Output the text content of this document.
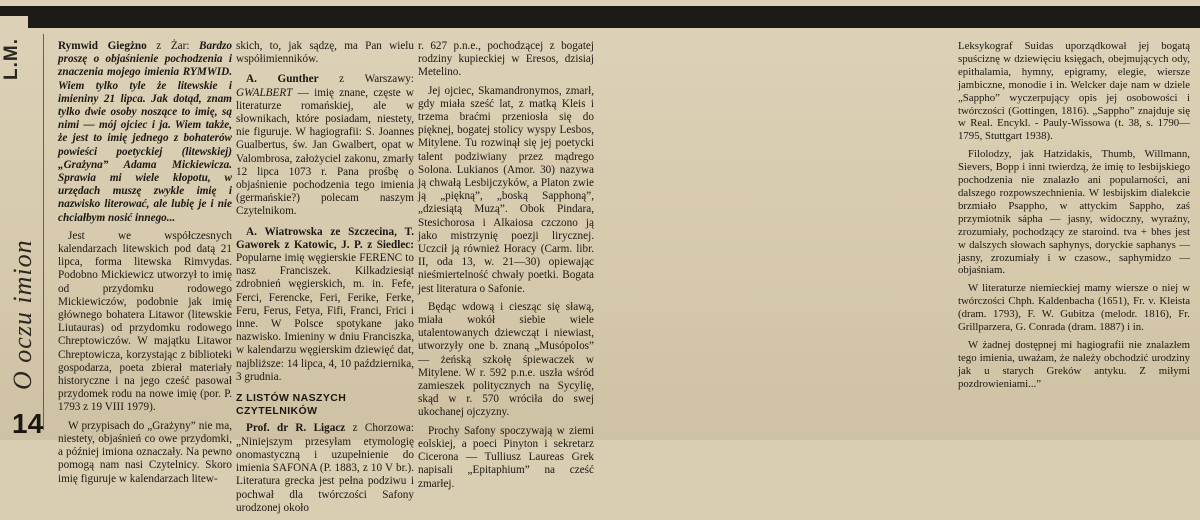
L.M.
O oczu imion
14

Rymwid Giegżno z Żar: Bardzo proszę o objaśnienie pochodzenia i znaczenia mojego imienia RYMWID. Wiem tylko tyle że litewskie i imieniny 21 lipca. Jak dotąd, znam tylko dwie osoby noszące to imię, są nimi — mój ojciec i ja. Wiem także, że jest to imię jednego z bohaterów powieści poetyckiej (litewskiej) „Grażyna” Adama Mickiewicza. Sprawia mi wiele kłopotu, w urzędach muszę zwykle imię i nazwisko literować, ale lubię je i nie chciałbym nosić innego...

Jest we współczesnych kalendarzach litewskich pod datą 21 lipca, forma litewska Rimvydas. Podobno Mickiewicz utworzył to imię od przydomku rodowego Mickiewiczów, podobnie jak imię głównego bohatera Litawor (litewskie Liutauras) od przydomku rodowego Chreptowiczów. W majątku Litawor Chreptowicza, korzystając z biblioteki gospodarza, poeta zbierał materiały historyczne i na jego cześć pasował przydomek rodu na nowe imię (por. P. 1793 z 19 VIII 1979).

W przypisach do „Grażyny” nie ma, niestety, objaśnień co owe przydomki, a później imiona oznaczały. Na pewno pomogą nam nasi Czytelnicy. Skoro imię figuruje w kalendarzach litew-

skich, to, jak sądzę, ma Pan wielu współimienników.

A. Gunther z Warszawy: GWALBERT — imię znane, częste w literaturze romańskiej, ale w słownikach, które posiadam, niestety, nie figuruje. W hagiografii: S. Joannes Gualbertus, św. Jan Gwalbert, opat w Valombrosa, założyciel zakonu, zmarły 12 lipca 1073 r. Pana prośbę o objaśnienie pochodzenia tego imienia (germańskie?) polecam naszym Czytelnikom.

A. Wiatrowska ze Szczecina, T. Gaworek z Katowic, J. P. z Siedlec: Popularne imię węgierskie FERENC to nasz Franciszek. Kilkadziesiąt zdrobnień węgierskich, m. in. Fefe, Ferci, Ferencke, Feri, Ferike, Ferke, Feru, Ferus, Fetya, Fifi, Franci, Frici i inne. W Polsce spotykane jako nazwisko. Imieniny w dniu Franciszka, w kalendarzu węgierskim dziewięć dat, najbliższe: 14 lipca, 4, 10 października, 3 grudnia.

Z LISTÓW NASZYCH CZYTELNIKÓW

Prof. dr R. Ligacz z Chorzowa: „Niniejszym przesyłam etymologię onomastyczną i uzupełnienie do imienia SAFONA (P. 1883, z 10 V br.). Literatura grecka jest pełna podziwu i pochwał dla twórczości Safony urodzonej około

r. 627 p.n.e., pochodzącej z bogatej rodziny kupieckiej w Eresos, dzisiaj Metelino.

Jej ojciec, Skamandronymos, zmarł, gdy miała sześć lat, z matką Kleis i trzema braćmi przeniosła się do pięknej, bogatej stolicy wyspy Lesbos, Mitylene. Tu rozwinął się jej poetycki talent podziwiany przez mądrego Solona. Lukianos (Amor. 30) nazywa ją chwałą Lesbijczyków, a Platon zwie ją „piękną”, „boską Sapphoną”, „dziesiątą Muzą”. Obok Pindara, Stesichorosa i Alkaiosa czczono ją jako mistrzynię poezji lirycznej. Uczcił ją również Horacy (Carm. libr. II, oda 13, w. 21—30) opiewając nieśmiertelność chwały poetki. Bogata jest literatura o Safonie.

Będąc wdową i ciesząc się sławą, miała wokół siebie wiele utalentowanych dziewcząt i niewiast, utworzyły one b. znaną „Musópolos” — żeńską szkołę śpiewaczek w Mitylene. W r. 592 p.n.e. uszła wśród zamieszek politycznych na Sycylię, skąd w r. 570 wróciła do swej ukochanej ojczyzny.

Prochy Safony spoczywają w ziemi eolskiej, a poeci Pinyton i sekretarz Cicerona — Tulliusz Laureas Grek napisali „Epitaphium” na cześć zmarłej.

Leksykograf Suidas uporządkował jej bogatą spuściznę w dziewięciu księgach, obejmujących ody, epithalamia, hymny, epigramy, elegie, wiersze jambiczne, monodie i in. Welcker daje nam w dziele „Sappho” wyczerpujący opis jej osobowości i twórczości (Gottingen, 1816). „Sappho” znajduje się w Real. Encykl. - Pauly-Wissowa (t. 38, s. 1790—1795, Stuttgart 1938).

Filolodzy, jak Hatzidakis, Thumb, Willmann, Sievers, Bopp i inni twierdzą, że imię to lesbijskiego pochodzenia nie znalazło ani popularności, ani dalszego rozpowszechnienia. W lesbijskim dialekcie brzmiało Psappho, w attyckim Sappho, zaś przymiotnik sápha — jasny, widoczny, wyraźny, zrozumiały, pochodzący ze staroind. tva + bhes jest w dalszych słowach saphynys, doryckie saphanys — jasny, zrozumiały i w czasow., saphymidzo — objaśniam.

W literaturze niemieckiej mamy wiersze o niej w twórczości Chph. Kaldenbacha (1651), Fr. v. Kleista (dram. 1793), F. W. Gubitza (melodr. 1816), Fr. Grillparzera, G. Conrada (dram. 1887) i in.

W żadnej dostępnej mi hagiografii nie znalazłem tego imienia, uważam, że należy obchodzić urodziny jak u starych Greków antyku. Z miłymi pozdrowieniami...”
